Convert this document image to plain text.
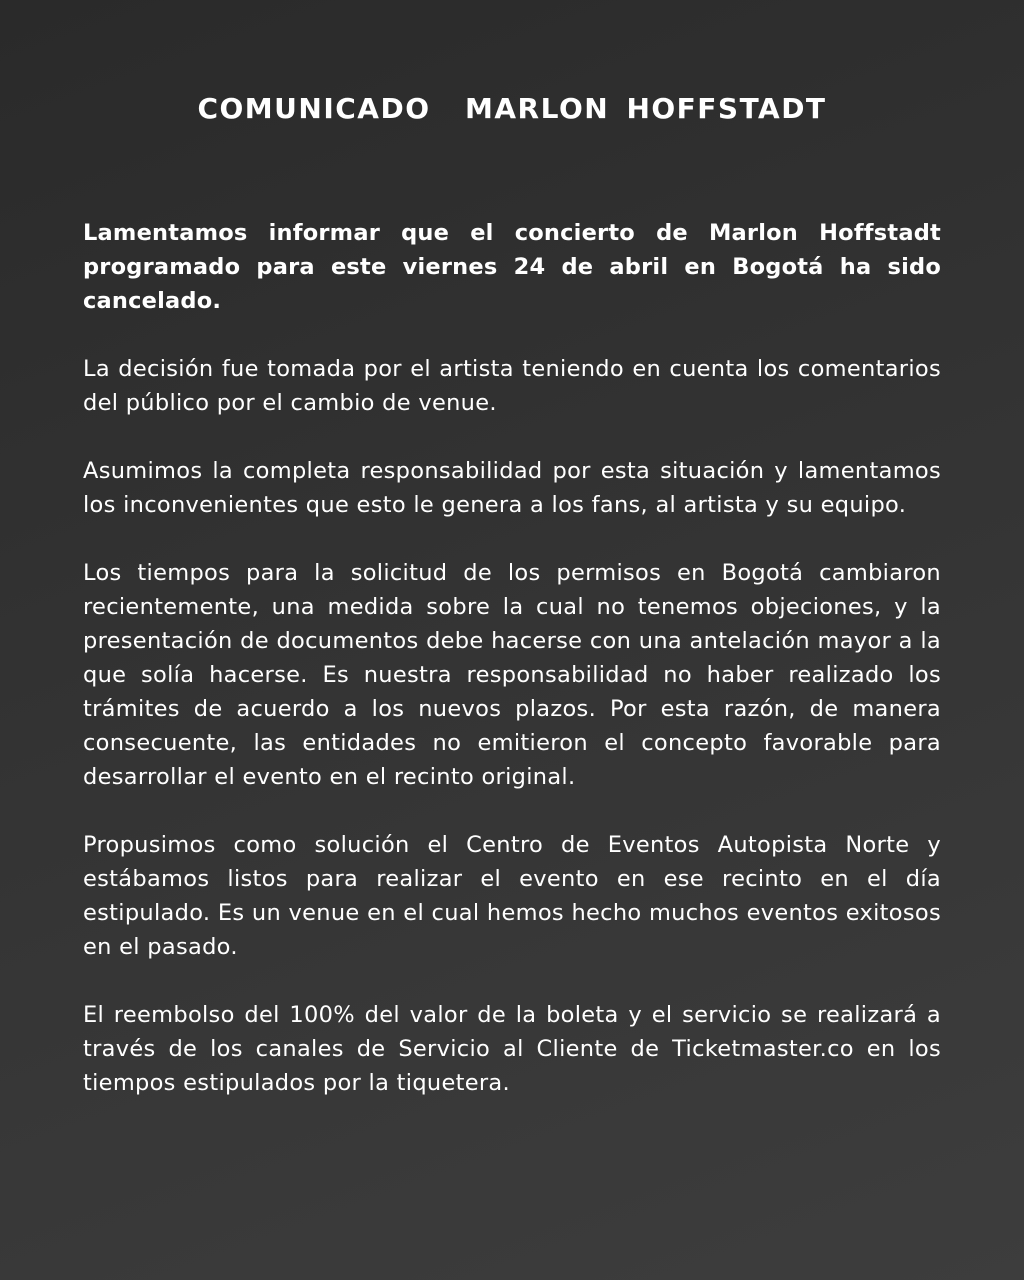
COMUNICADO  MARLON HOFFSTADT

Lamentamos informar que el concierto de Marlon Hoffstadt programado para este viernes 24 de abril en Bogotá ha sido cancelado.

La decisión fue tomada por el artista teniendo en cuenta los comentarios del público por el cambio de venue.

Asumimos la completa responsabilidad por esta situación y lamentamos los inconvenientes que esto le genera a los fans, al artista y su equipo.

Los tiempos para la solicitud de los permisos en Bogotá cambiaron recientemente, una medida sobre la cual no tenemos objeciones, y la presentación de documentos debe hacerse con una antelación mayor a la que solía hacerse. Es nuestra responsabilidad no haber realizado los trámites de acuerdo a los nuevos plazos. Por esta razón, de manera consecuente, las entidades no emitieron el concepto favorable para desarrollar el evento en el recinto original.

Propusimos como solución el Centro de Eventos Autopista Norte y estábamos listos para realizar el evento en ese recinto en el día estipulado. Es un venue en el cual hemos hecho muchos eventos exitosos en el pasado.

El reembolso del 100% del valor de la boleta y el servicio se realizará a través de los canales de Servicio al Cliente de Ticketmaster.co en los tiempos estipulados por la tiquetera.
